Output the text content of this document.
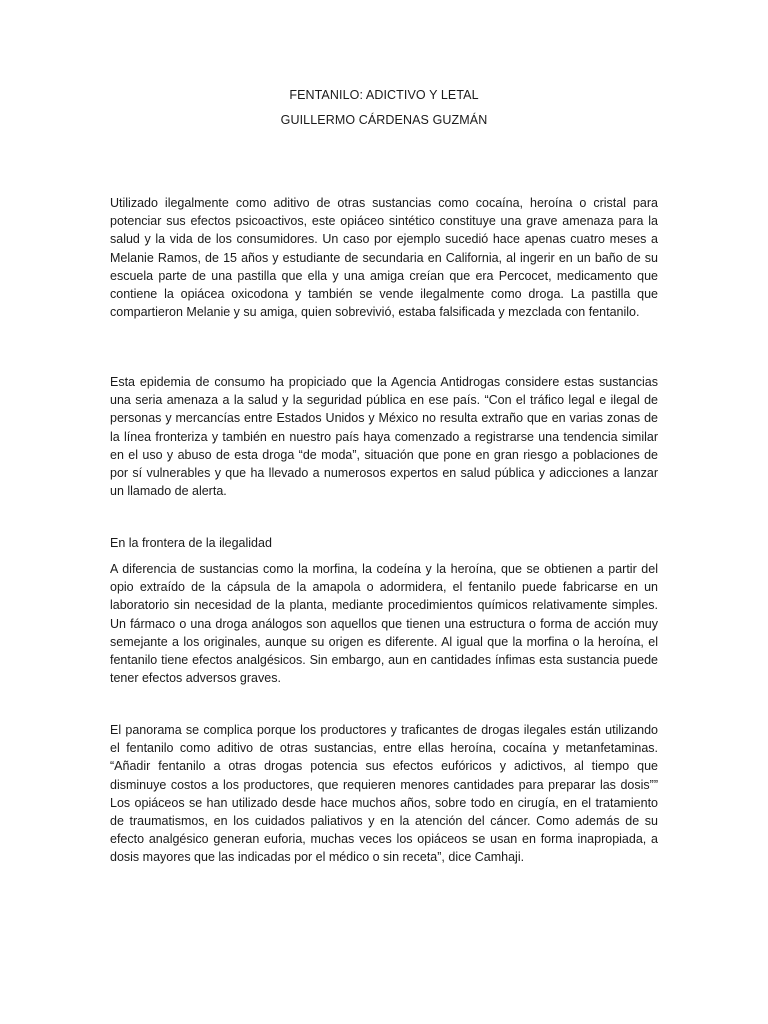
FENTANILO: ADICTIVO Y LETAL
GUILLERMO CÁRDENAS GUZMÁN

Utilizado ilegalmente como aditivo de otras sustancias como cocaína, heroína o cristal para potenciar sus efectos psicoactivos, este opiáceo sintético constituye una grave amenaza para la salud y la vida de los consumidores. Un caso por ejemplo sucedió hace apenas cuatro meses a Melanie Ramos, de 15 años y estudiante de secundaria en California, al ingerir en un baño de su escuela parte de una pastilla que ella y una amiga creían que era Percocet, medicamento que contiene la opiácea oxicodona y también se vende ilegalmente como droga. La pastilla que compartieron Melanie y su amiga, quien sobrevivió, estaba falsificada y mezclada con fentanilo.

Esta epidemia de consumo ha propiciado que la Agencia Antidrogas considere estas sustancias una seria amenaza a la salud y la seguridad pública en ese país. “Con el tráfico legal e ilegal de personas y mercancías entre Estados Unidos y México no resulta extraño que en varias zonas de la línea fronteriza y también en nuestro país haya comenzado a registrarse una tendencia similar en el uso y abuso de esta droga “de moda”, situación que pone en gran riesgo a poblaciones de por sí vulnerables y que ha llevado a numerosos expertos en salud pública y adicciones a lanzar un llamado de alerta.

En la frontera de la ilegalidad

A diferencia de sustancias como la morfina, la codeína y la heroína, que se obtienen a partir del opio extraído de la cápsula de la amapola o adormidera, el fentanilo puede fabricarse en un laboratorio sin necesidad de la planta, mediante procedimientos químicos relativamente simples. Un fármaco o una droga análogos son aquellos que tienen una estructura o forma de acción muy semejante a los originales, aunque su origen es diferente. Al igual que la morfina o la heroína, el fentanilo tiene efectos analgésicos. Sin embargo, aun en cantidades ínfimas esta sustancia puede tener efectos adversos graves.

El panorama se complica porque los productores y traficantes de drogas ilegales están utilizando el fentanilo como aditivo de otras sustancias, entre ellas heroína, cocaína y metanfetaminas. “Añadir fentanilo a otras drogas potencia sus efectos eufóricos y adictivos, al tiempo que disminuye costos a los productores, que requieren menores cantidades para preparar las dosis”” Los opiáceos se han utilizado desde hace muchos años, sobre todo en cirugía, en el tratamiento de traumatismos, en los cuidados paliativos y en la atención del cáncer. Como además de su efecto analgésico generan euforia, muchas veces los opiáceos se usan en forma inapropiada, a dosis mayores que las indicadas por el médico o sin receta”, dice Camhaji.
